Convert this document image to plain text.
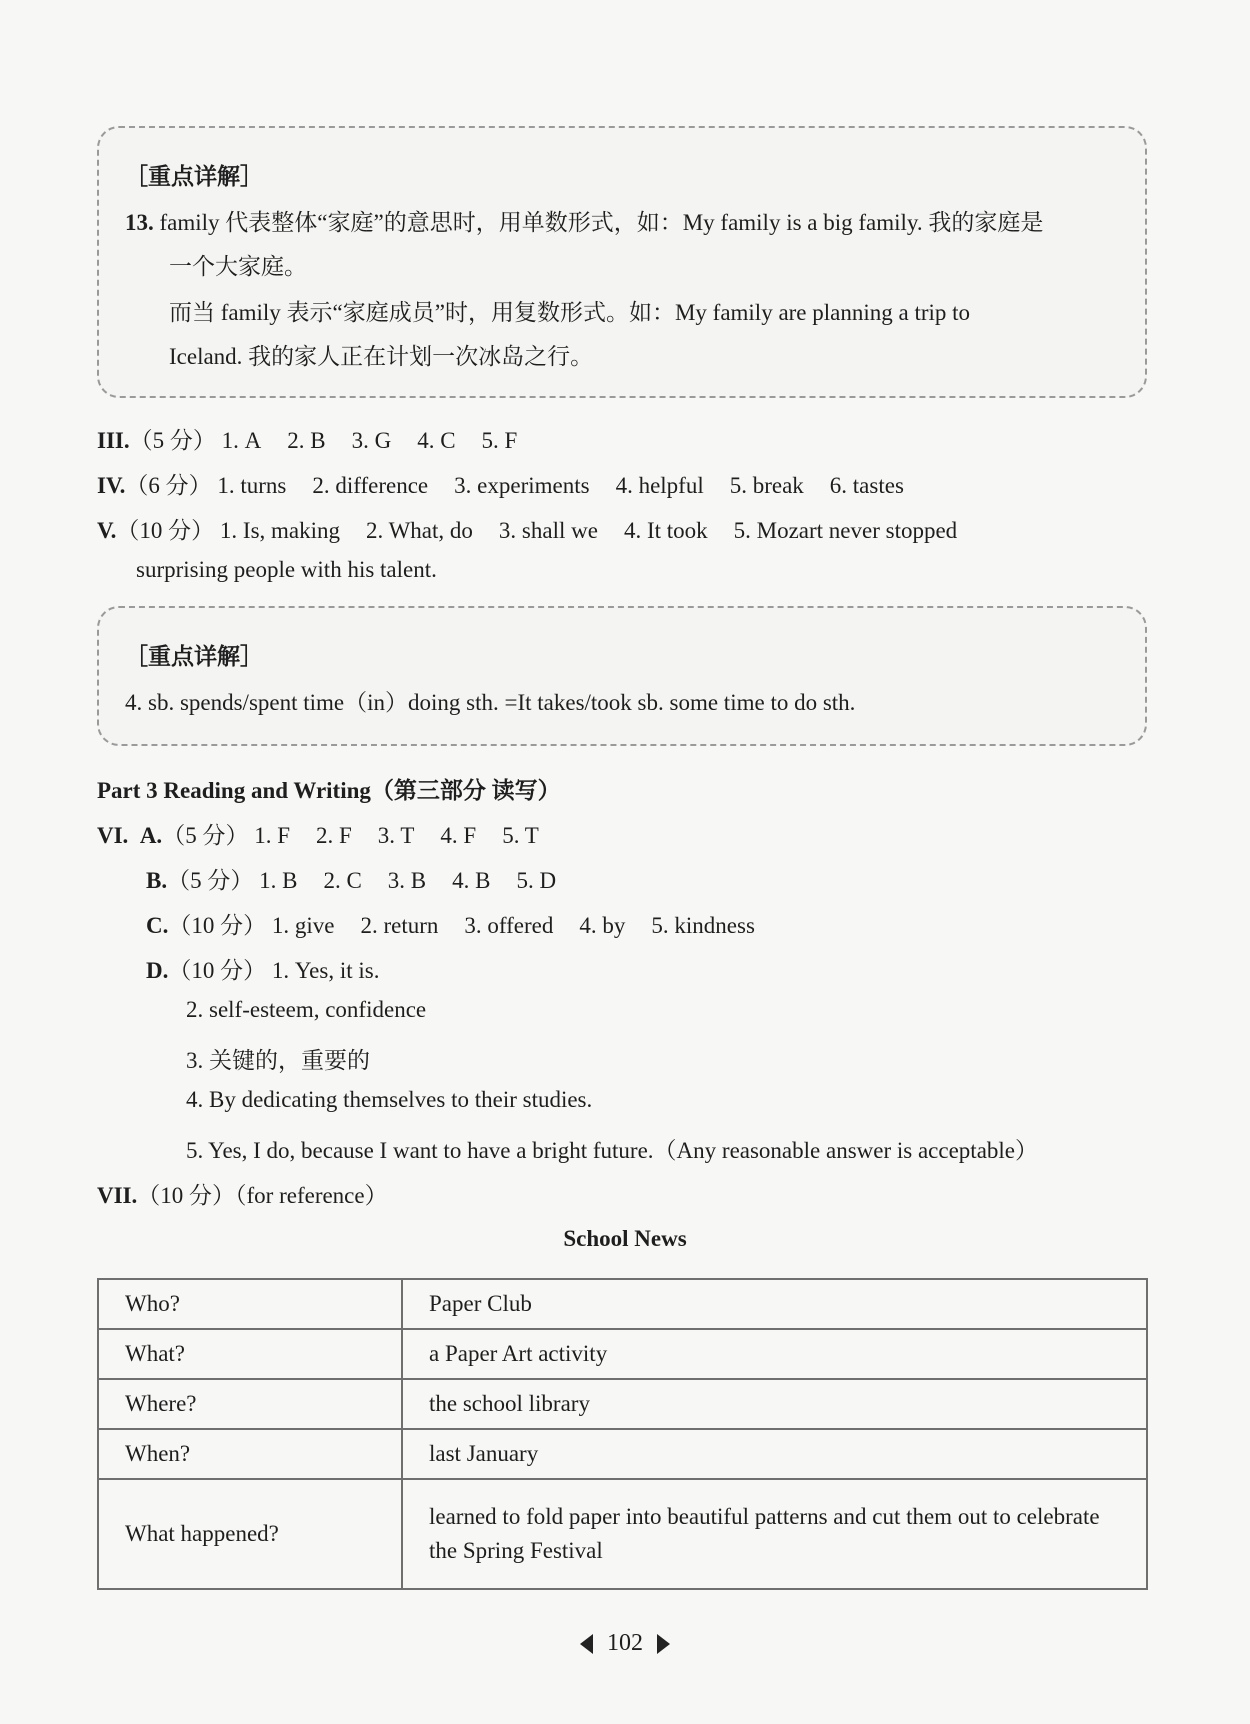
［重点详解］
13. family 代表整体“家庭”的意思时，用单数形式，如：My family is a big family. 我的家庭是
一个大家庭。
而当 family 表示“家庭成员”时，用复数形式。如：My family are planning a trip to
Iceland. 我的家人正在计划一次冰岛之行。
III.（5 分） 1. A 2. B 3. G 4. C 5. F
IV.（6 分） 1. turns 2. difference 3. experiments 4. helpful 5. break 6. tastes
V.（10 分） 1. Is, making 2. What, do 3. shall we 4. It took 5. Mozart never stopped
surprising people with his talent.
［重点详解］
4. sb. spends/spent time（in）doing sth. =It takes/took sb. some time to do sth.
Part 3 Reading and Writing（第三部分 读写）
VI. A.（5 分） 1. F 2. F 3. T 4. F 5. T
B.（5 分） 1. B 2. C 3. B 4. B 5. D
C.（10 分） 1. give 2. return 3. offered 4. by 5. kindness
D.（10 分） 1. Yes, it is.
2. self-esteem, confidence
3. 关键的，重要的
4. By dedicating themselves to their studies.
5. Yes, I do, because I want to have a bright future.（Any reasonable answer is acceptable）
VII.（10 分）（for reference）
School News
Who?	Paper Club
What?	a Paper Art activity
Where?	the school library
When?	last January
What happened?	learned to fold paper into beautiful patterns and cut them out to celebrate the Spring Festival
102
